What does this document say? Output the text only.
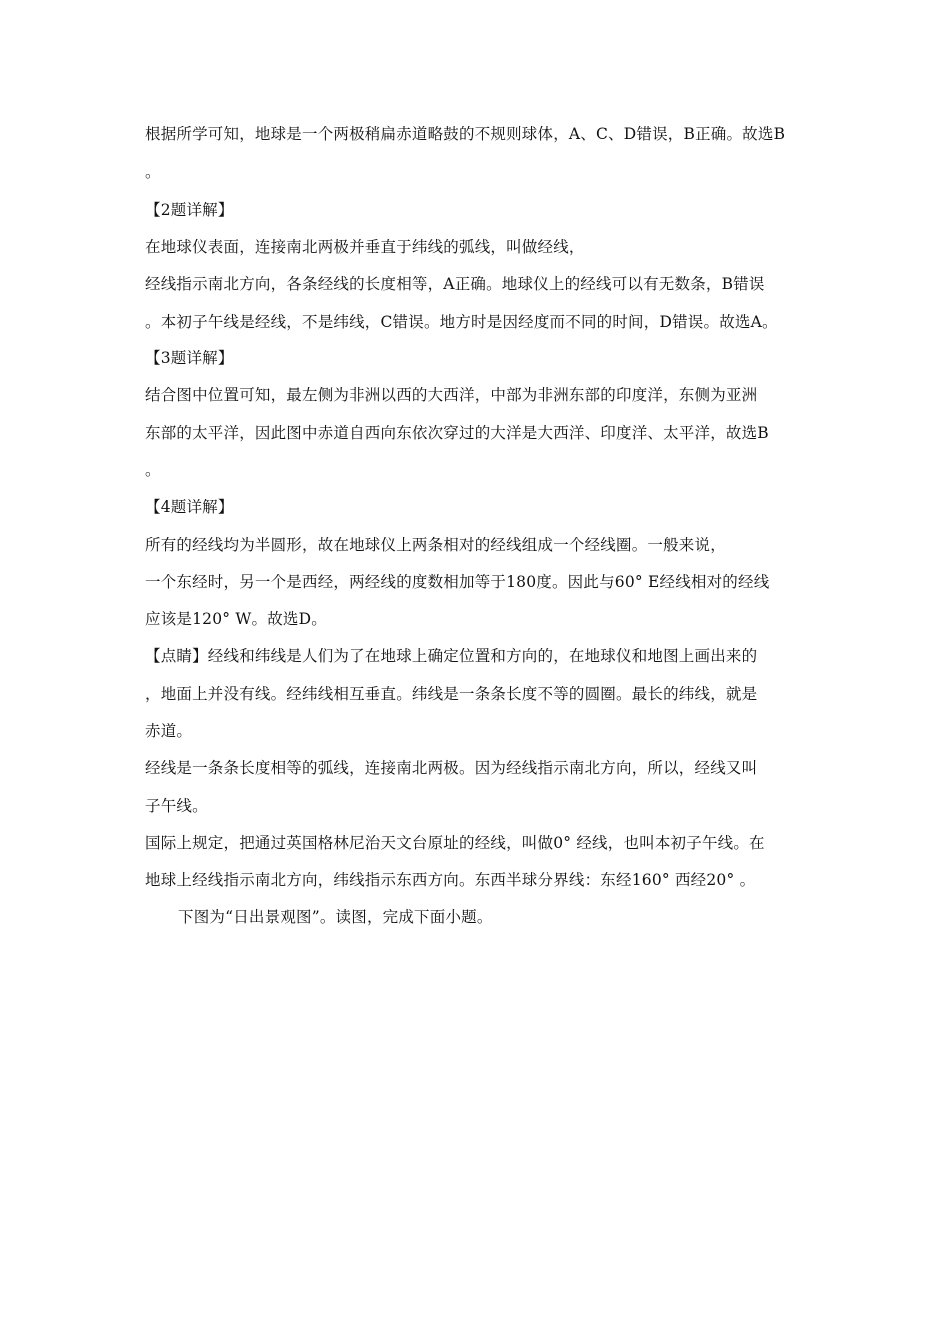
根据所学可知，地球是一个两极稍扁赤道略鼓的不规则球体，A、C、D错误，B正确。故选B
。
【2题详解】
在地球仪表面，连接南北两极并垂直于纬线的弧线，叫做经线，
经线指示南北方向，各条经线的长度相等，A正确。地球仪上的经线可以有无数条，B错误
。本初子午线是经线，不是纬线，C错误。地方时是因经度而不同的时间，D错误。故选A。
【3题详解】
结合图中位置可知，最左侧为非洲以西的大西洋，中部为非洲东部的印度洋，东侧为亚洲
东部的太平洋，因此图中赤道自西向东依次穿过的大洋是大西洋、印度洋、太平洋，故选B
。
【4题详解】
所有的经线均为半圆形，故在地球仪上两条相对的经线组成一个经线圈。一般来说，
一个东经时，另一个是西经，两经线的度数相加等于180度。因此与60° E经线相对的经线
应该是120° W。故选D。
【点睛】经线和纬线是人们为了在地球上确定位置和方向的，在地球仪和地图上画出来的
，地面上并没有线。经纬线相互垂直。纬线是一条条长度不等的圆圈。最长的纬线，就是
赤道。
经线是一条条长度相等的弧线，连接南北两极。因为经线指示南北方向，所以，经线又叫
子午线。
国际上规定，把通过英国格林尼治天文台原址的经线，叫做0° 经线，也叫本初子午线。在
地球上经线指示南北方向，纬线指示东西方向。东西半球分界线：东经160° 西经20° 。
下图为“日出景观图”。读图，完成下面小题。
